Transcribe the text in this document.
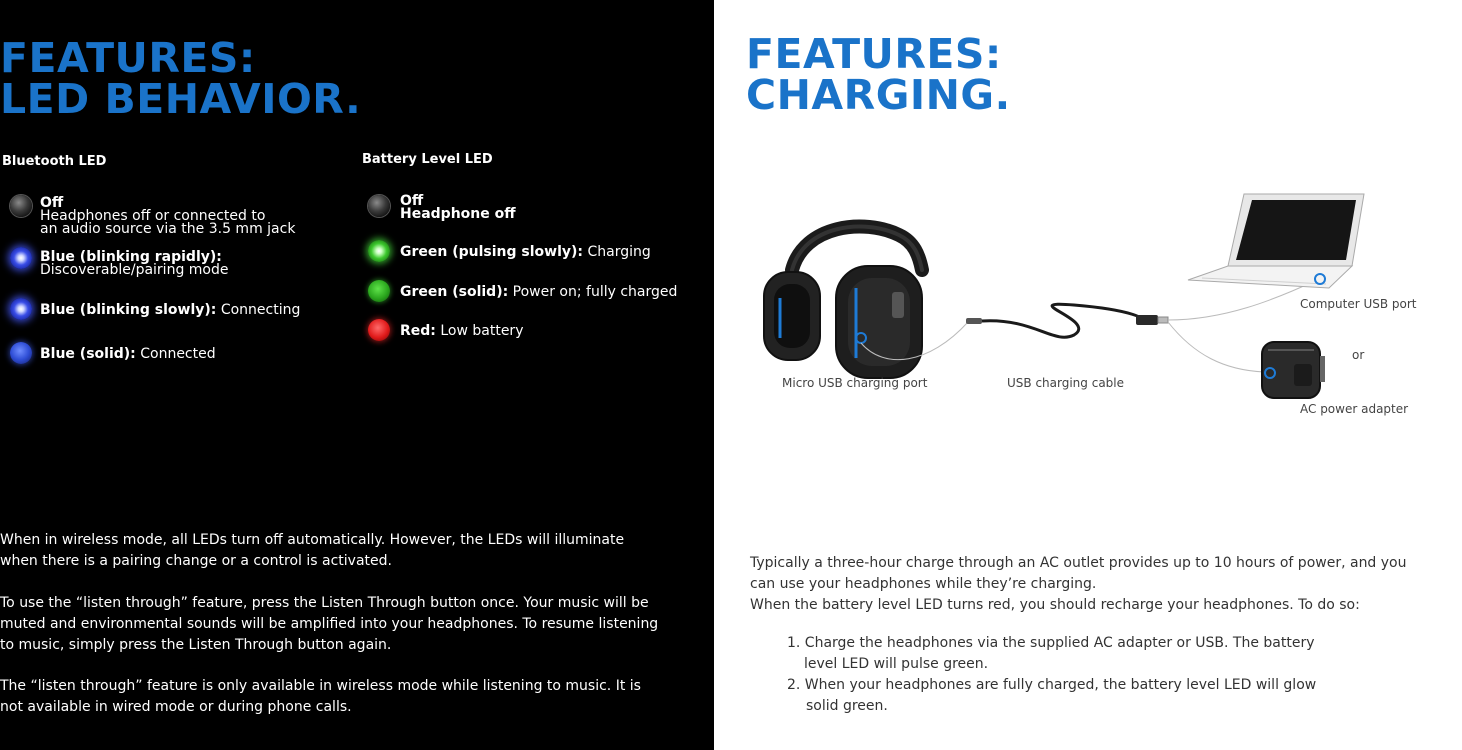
FEATURES:
LED BEHAVIOR.
Bluetooth LED
Off
Headphones off or connected to
an audio source via the 3.5 mm jack
Blue (blinking rapidly):
Discoverable/pairing mode
Blue (blinking slowly): Connecting
Blue (solid): Connected
Battery Level LED
Off
Headphone off
Green (pulsing slowly): Charging
Green (solid): Power on; fully charged
Red: Low battery

When in wireless mode, all LEDs turn off automatically. However, the LEDs will illuminate
when there is a pairing change or a control is activated.

To use the “listen through” feature, press the Listen Through button once. Your music will be
muted and environmental sounds will be amplified into your headphones. To resume listening
to music, simply press the Listen Through button again.

The “listen through” feature is only available in wireless mode while listening to music. It is
not available in wired mode or during phone calls.

FEATURES:
CHARGING.
Micro USB charging port	USB charging cable
Computer USB port
or
AC power adapter

Typically a three-hour charge through an AC outlet provides up to 10 hours of power, and you
can use your headphones while they’re charging.
When the battery level LED turns red, you should recharge your headphones. To do so:

1. Charge the headphones via the supplied AC adapter or USB. The battery
level LED will pulse green.
2. When your headphones are fully charged, the battery level LED will glow
solid green.
